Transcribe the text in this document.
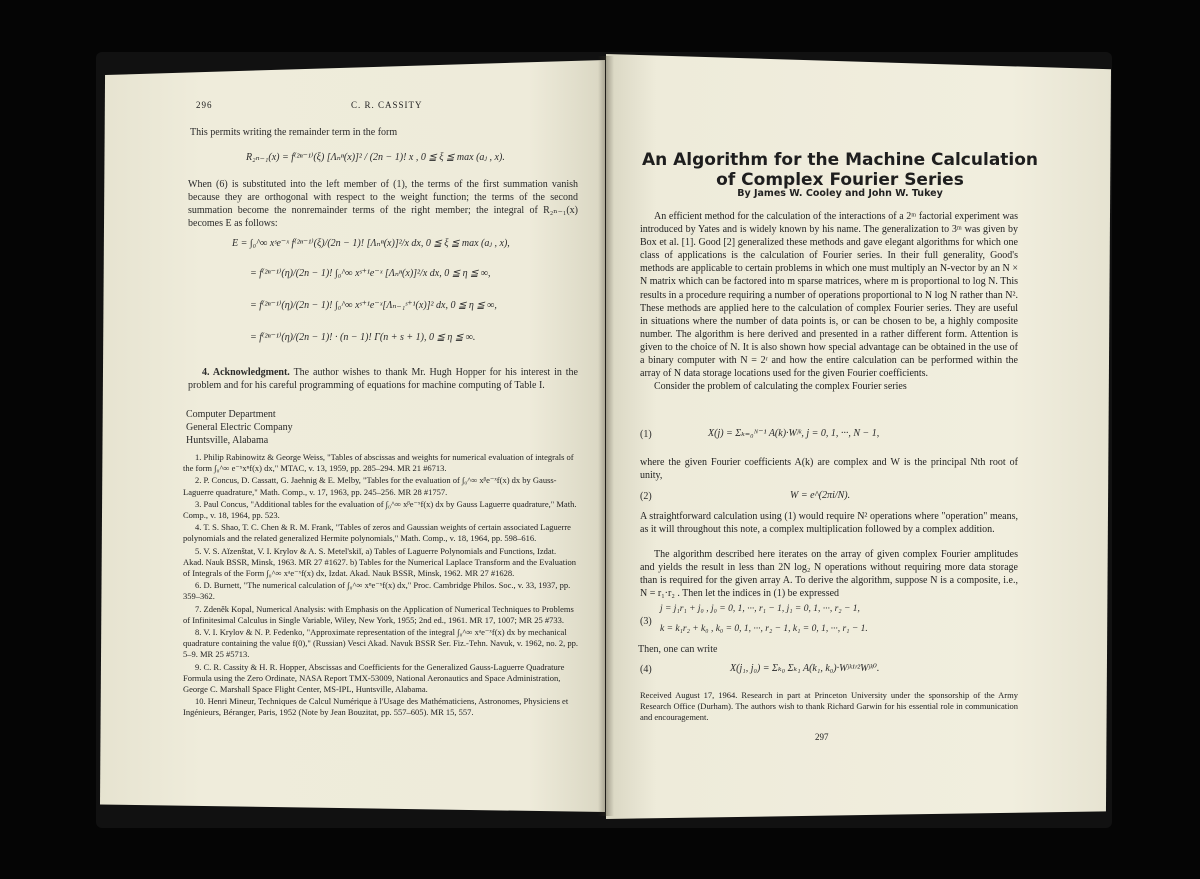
296	C. R. CASSITY
This permits writing the remainder term in the form
R₂ₙ₋₁(x) = f⁽²ⁿ⁻¹⁾(ξ) [Λₙⁿ(x)]² / (2n − 1)! x , 0 ≦ ξ ≦ max (aⱼ , x).
When (6) is substituted into the left member of (1), the terms of the first summation vanish because they are orthogonal with respect to the weight function; the terms of the second summation become the nonremainder terms of the right member; the integral of R₂ₙ₋₁(x) becomes E as follows:
E = ∫₀^∞ xˢe⁻ˣ f⁽²ⁿ⁻¹⁾(ξ)/(2n − 1)! [Λₙⁿ(x)]²/x dx, 0 ≦ ξ ≦ max (aⱼ , x),
= f⁽²ⁿ⁻¹⁾(η)/(2n − 1)! ∫₀^∞ xˢ⁺¹e⁻ˣ [Λₙⁿ(x)]²/x dx, 0 ≦ η ≦ ∞,
= f⁽²ⁿ⁻¹⁾(η)/(2n − 1)! ∫₀^∞ xˢ⁺¹e⁻ˣ[Λₙ₋₁ˢ⁺¹(x)]² dx, 0 ≦ η ≦ ∞,
= f⁽²ⁿ⁻¹⁾(η)/(2n − 1)! · (n − 1)! Γ(n + s + 1), 0 ≦ η ≦ ∞.
4. Acknowledgment. The author wishes to thank Mr. Hugh Hopper for his interest in the problem and for his careful programming of equations for machine computing of Table I.
Computer Department
General Electric Company
Huntsville, Alabama

1. Philip Rabinowitz & George Weiss, "Tables of abscissas and weights for numerical evaluation of integrals of the form ∫₀^∞ e⁻ˣxⁿf(x) dx," MTAC, v. 13, 1959, pp. 285–294. MR 21 #6713.

2. P. Concus, D. Cassatt, G. Jaehnig & E. Melby, "Tables for the evaluation of ∫₀^∞ xᵝe⁻ˣf(x) dx by Gauss-Laguerre quadrature," Math. Comp., v. 17, 1963, pp. 245–256. MR 28 #1757.

3. Paul Concus, "Additional tables for the evaluation of ∫₀^∞ xᵝe⁻ˣf(x) dx by Gauss Laguerre quadrature," Math. Comp., v. 18, 1964, pp. 523.

4. T. S. Shao, T. C. Chen & R. M. Frank, "Tables of zeros and Gaussian weights of certain associated Laguerre polynomials and the related generalized Hermite polynomials," Math. Comp., v. 18, 1964, pp. 598–616.

5. V. S. Aĭzenštat, V. I. Krylov & A. S. Metel'skiĭ, a) Tables of Laguerre Polynomials and Functions, Izdat. Akad. Nauk BSSR, Minsk, 1963. MR 27 #1627. b) Tables for the Numerical Laplace Transform and the Evaluation of Integrals of the Form ∫₀^∞ xᵃe⁻ˣf(x) dx, Izdat. Akad. Nauk BSSR, Minsk, 1962. MR 27 #1628.

6. D. Burnett, "The numerical calculation of ∫₀^∞ xⁿe⁻ˣf(x) dx," Proc. Cambridge Philos. Soc., v. 33, 1937, pp. 359–362.

7. Zdeněk Kopal, Numerical Analysis: with Emphasis on the Application of Numerical Techniques to Problems of Infinitesimal Calculus in Single Variable, Wiley, New York, 1955; 2nd ed., 1961. MR 17, 1007; MR 25 #733.

8. V. I. Krylov & N. P. Fedenko, "Approximate representation of the integral ∫₀^∞ xᵃe⁻ˣf(x) dx by mechanical quadrature containing the value f(0)," (Russian) Vesci Akad. Navuk BSSR Ser. Fiz.-Tehn. Navuk, v. 1962, no. 2, pp. 5–9. MR 25 #5713.

9. C. R. Cassity & H. R. Hopper, Abscissas and Coefficients for the Generalized Gauss-Laguerre Quadrature Formula using the Zero Ordinate, NASA Report TMX-53009, National Aeronautics and Space Administration, George C. Marshall Space Flight Center, MS-IPL, Huntsville, Alabama.

10. Henri Mineur, Techniques de Calcul Numérique à l'Usage des Mathématiciens, Astronomes, Physiciens et Ingénieurs, Béranger, Paris, 1952 (Note by Jean Bouzitat, pp. 557–605). MR 15, 557.

An Algorithm for the Machine Calculation of Complex Fourier Series
By James W. Cooley and John W. Tukey

An efficient method for the calculation of the interactions of a 2ᵐ factorial experiment was introduced by Yates and is widely known by his name. The generalization to 3ᵐ was given by Box et al. [1]. Good [2] generalized these methods and gave elegant algorithms for which one class of applications is the calculation of Fourier series. In their full generality, Good's methods are applicable to certain problems in which one must multiply an N-vector by an N × N matrix which can be factored into m sparse matrices, where m is proportional to log N. This results in a procedure requiring a number of operations proportional to N log N rather than N². These methods are applied here to the calculation of complex Fourier series. They are useful in situations where the number of data points is, or can be chosen to be, a highly composite number. The algorithm is here derived and presented in a rather different form. Attention is given to the choice of N. It is also shown how special advantage can be obtained in the use of a binary computer with N = 2ʳ and how the entire calculation can be performed within the array of N data storage locations used for the given Fourier coefficients.

Consider the problem of calculating the complex Fourier series

(1)	X(j) = Σₖ₌₀ᴺ⁻¹ A(k)·Wʲᵏ, j = 0, 1, ···, N − 1,
where the given Fourier coefficients A(k) are complex and W is the principal Nth root of unity,
(2)	W = e^(2πi/N).
A straightforward calculation using (1) would require N² operations where "operation" means, as it will throughout this note, a complex multiplication followed by a complex addition.

The algorithm described here iterates on the array of given complex Fourier amplitudes and yields the result in less than 2N log₂ N operations without requiring more data storage than is required for the given array A. To derive the algorithm, suppose N is a composite, i.e., N = r₁·r₂ . Then let the indices in (1) be expressed

(3)
j = j₁r₁ + j₀ , j₀ = 0, 1, ···, r₁ − 1, j₁ = 0, 1, ···, r₂ − 1,
k = k₁r₂ + k₀ , k₀ = 0, 1, ···, r₂ − 1, k₁ = 0, 1, ···, r₁ − 1.
Then, one can write
(4)	X(j₁, j₀) = Σₖ₀ Σₖ₁ A(k₁, k₀)·Wʲᵏ¹ʳ²Wʲᵏ⁰.
Received August 17, 1964. Research in part at Princeton University under the sponsorship of the Army Research Office (Durham). The authors wish to thank Richard Garwin for his essential role in communication and encouragement.
297
